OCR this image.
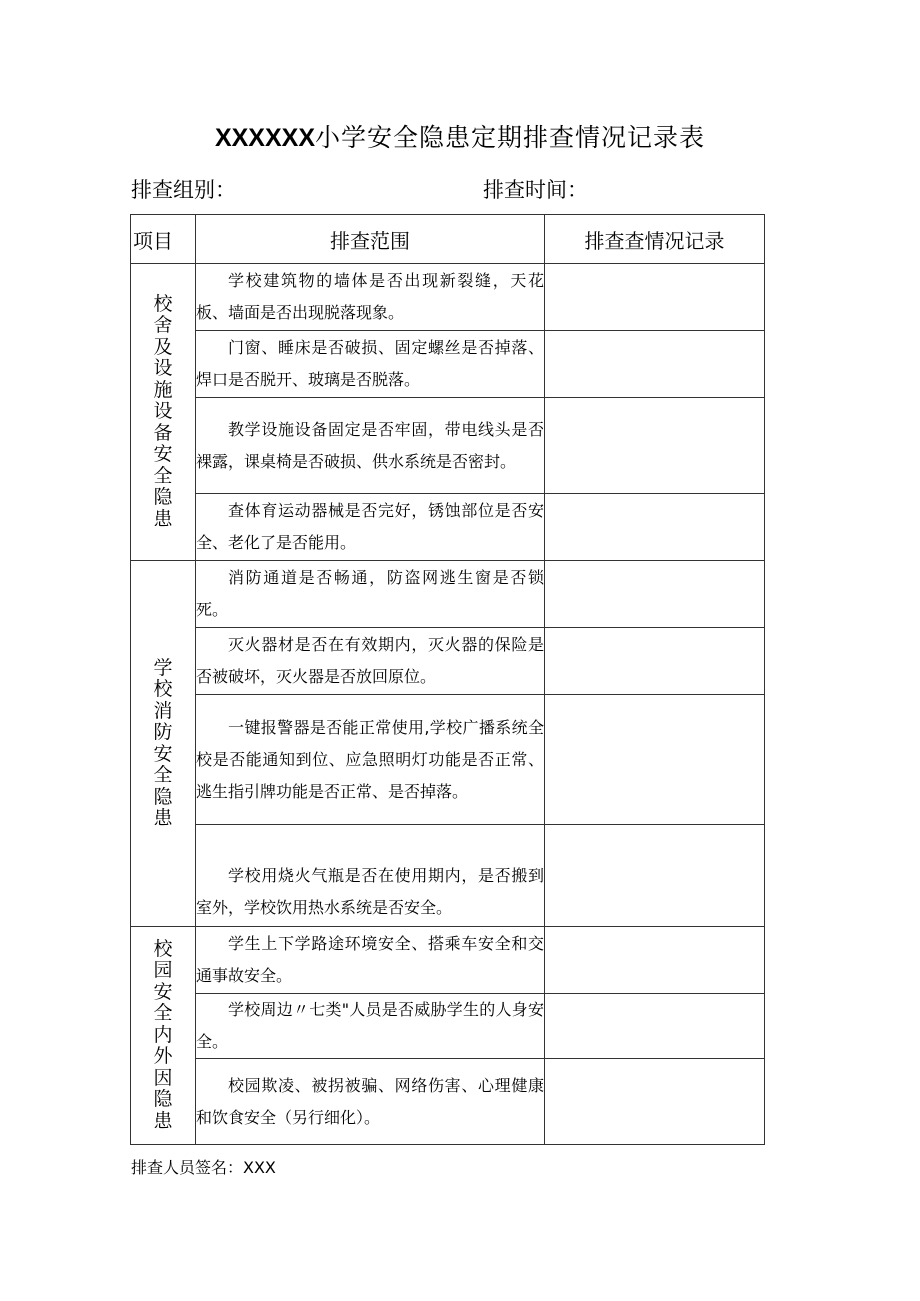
XXXXXX小学安全隐患定期排查情况记录表
排查组别：	排查时间：
项目	排查范围	排查查情况记录
校舍及设施设备安全隐患	学校建筑物的墙体是否出现新裂缝，天花板、墙面是否出现脱落现象。	
	门窗、睡床是否破损、固定螺丝是否掉落、焊口是否脱开、玻璃是否脱落。	
	教学设施设备固定是否牢固，带电线头是否裸露，课桌椅是否破损、供水系统是否密封。	
	查体育运动器械是否完好，锈蚀部位是否安全、老化了是否能用。	
学校消防安全隐患	消防通道是否畅通，防盗网逃生窗是否锁死。	
	灭火器材是否在有效期内，灭火器的保险是否被破坏，灭火器是否放回原位。	
	一键报警器是否能正常使用,学校广播系统全校是否能通知到位、应急照明灯功能是否正常、逃生指引牌功能是否正常、是否掉落。	
	学校用烧火气瓶是否在使用期内，是否搬到室外，学校饮用热水系统是否安全。	
校园安全内外因隐患	学生上下学路途环境安全、搭乘车安全和交通事故安全。	
	学校周边〃七类"人员是否威胁学生的人身安全。	
	校园欺凌、被拐被骗、网络伤害、心理健康和饮食安全（另行细化）。	
排查人员签名：XXX
